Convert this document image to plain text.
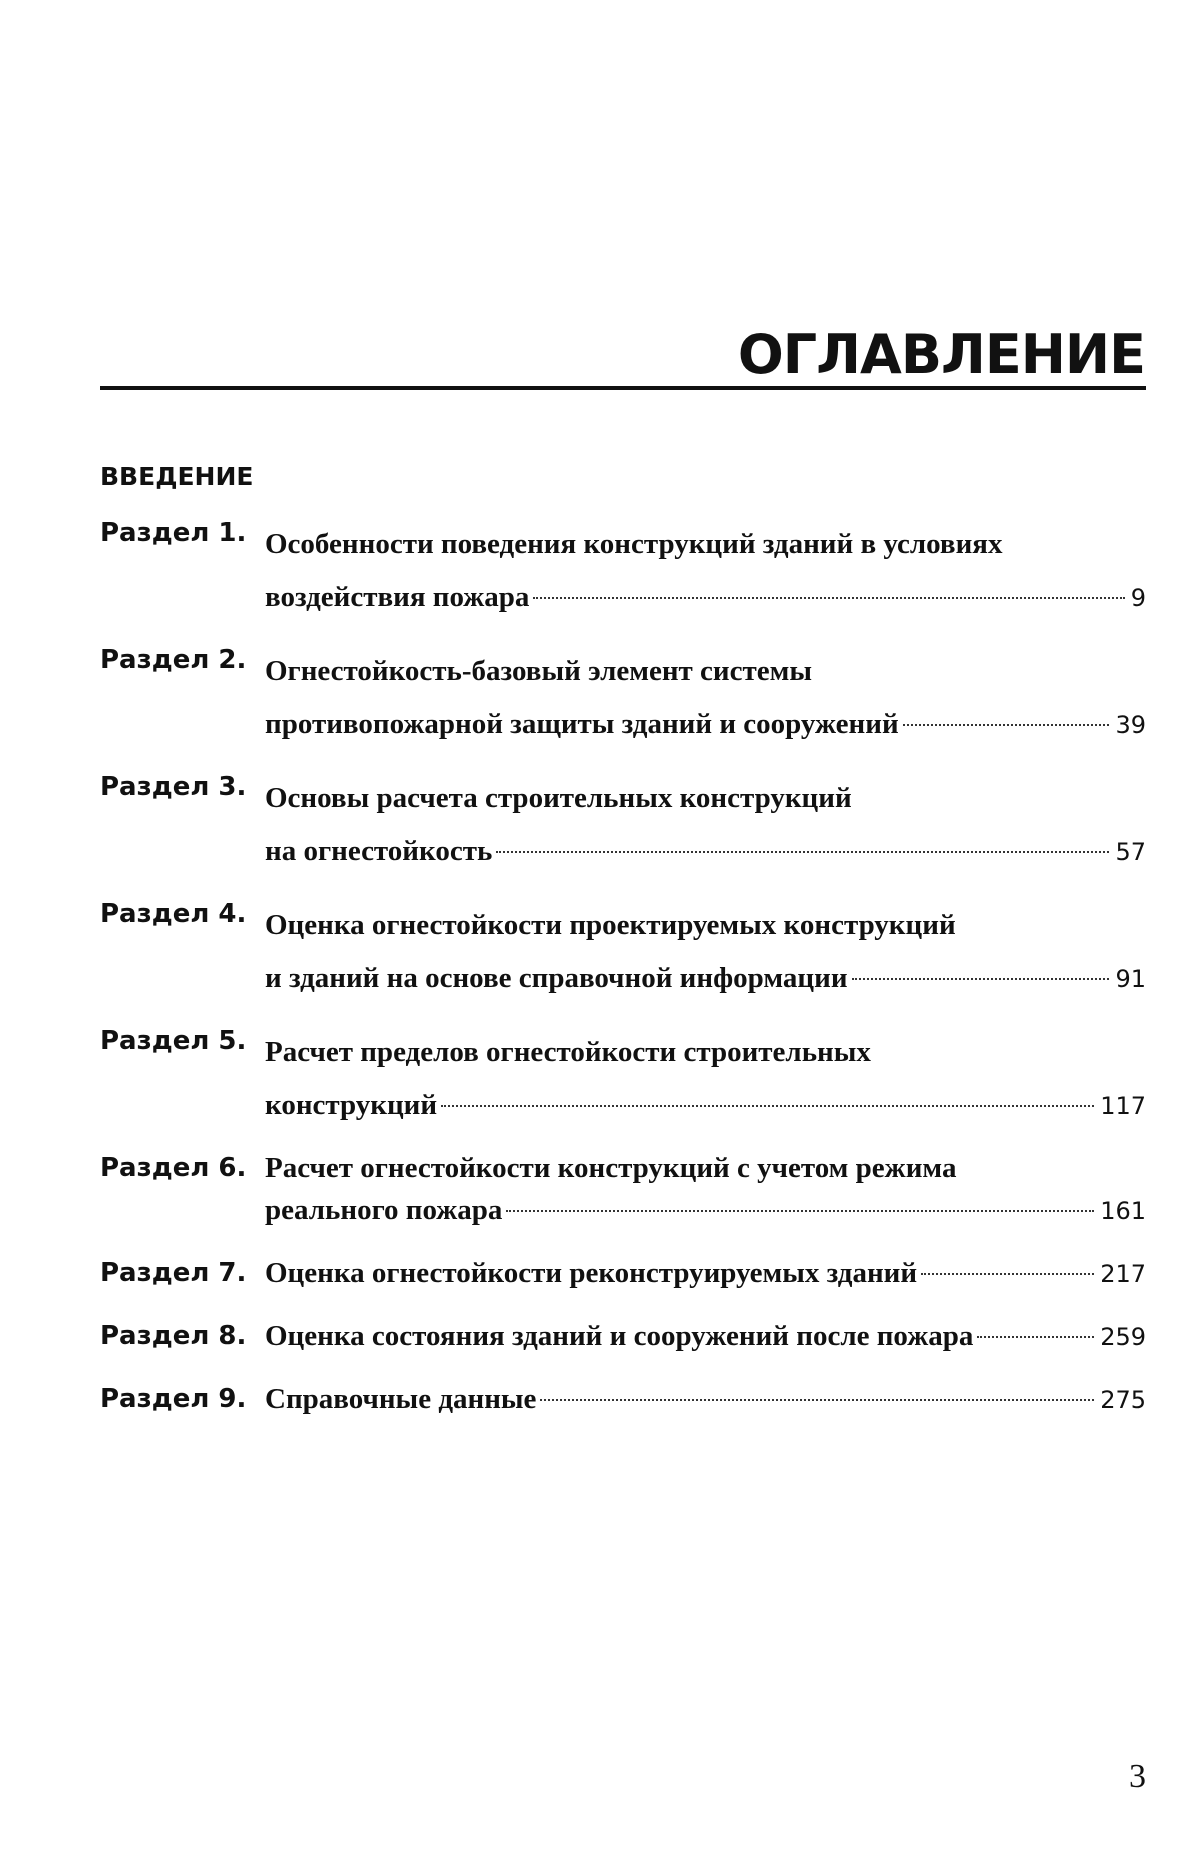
ОГЛАВЛЕНИЕ
ВВЕДЕНИЕ
Раздел 1. Особенности поведения конструкций зданий в условиях
воздействия пожара	9
Раздел 2. Огнестойкость-базовый элемент системы
противопожарной защиты зданий и сооружений	39
Раздел 3. Основы расчета строительных конструкций
на огнестойкость	57
Раздел 4. Оценка огнестойкости проектируемых конструкций
и зданий на основе справочной информации	91
Раздел 5. Расчет пределов огнестойкости строительных
конструкций	117
Раздел 6. Расчет огнестойкости конструкций с учетом режима
реального пожара	161
Раздел 7. Оценка огнестойкости реконструируемых зданий	217
Раздел 8. Оценка состояния зданий и сооружений после пожара	259
Раздел 9. Справочные данные	275
3
